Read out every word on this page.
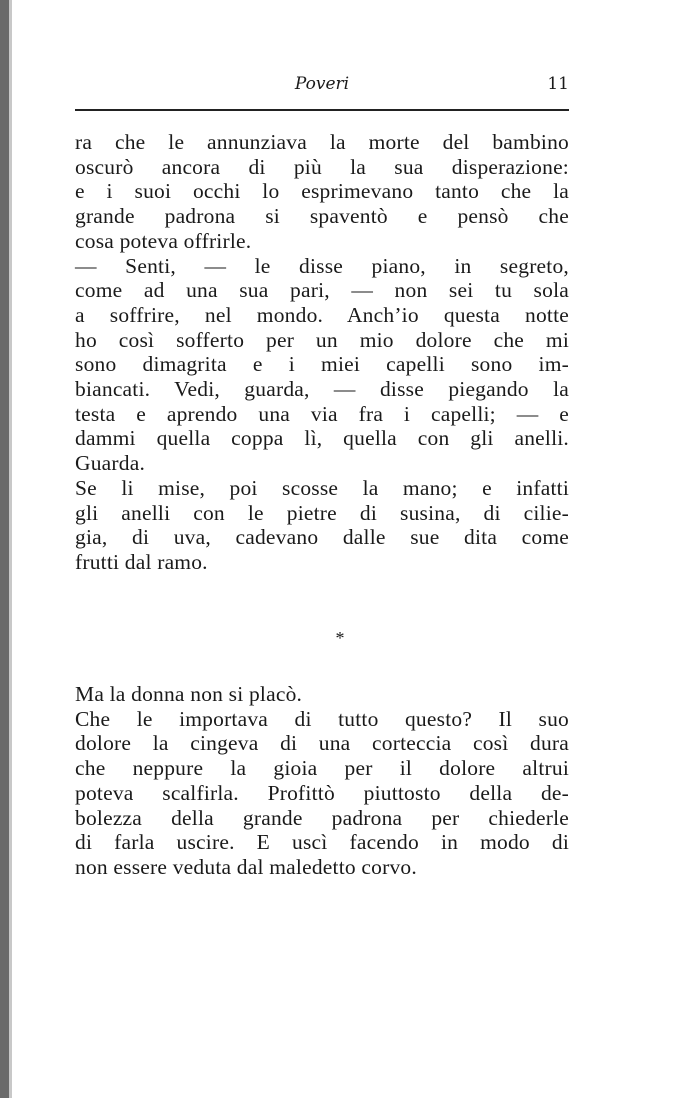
Poveri	11
ra che le annunziava la morte del bambino
oscurò ancora di più la sua disperazione:
e i suoi occhi lo esprimevano tanto che la
grande padrona si spaventò e pensò che
cosa poteva offrirle.
— Senti, — le disse piano, in segreto,
come ad una sua pari, — non sei tu sola
a soffrire, nel mondo. Anch’io questa notte
ho così sofferto per un mio dolore che mi
sono dimagrita e i miei capelli sono im-
biancati. Vedi, guarda, — disse piegando la
testa e aprendo una via fra i capelli; — e
dammi quella coppa lì, quella con gli anelli.
Guarda.
Se li mise, poi scosse la mano; e infatti
gli anelli con le pietre di susina, di cilie-
gia, di uva, cadevano dalle sue dita come
frutti dal ramo.
*
Ma la donna non si placò.
Che le importava di tutto questo? Il suo
dolore la cingeva di una corteccia così dura
che neppure la gioia per il dolore altrui
poteva scalfirla. Profittò piuttosto della de-
bolezza della grande padrona per chiederle
di farla uscire. E uscì facendo in modo di
non essere veduta dal maledetto corvo.
